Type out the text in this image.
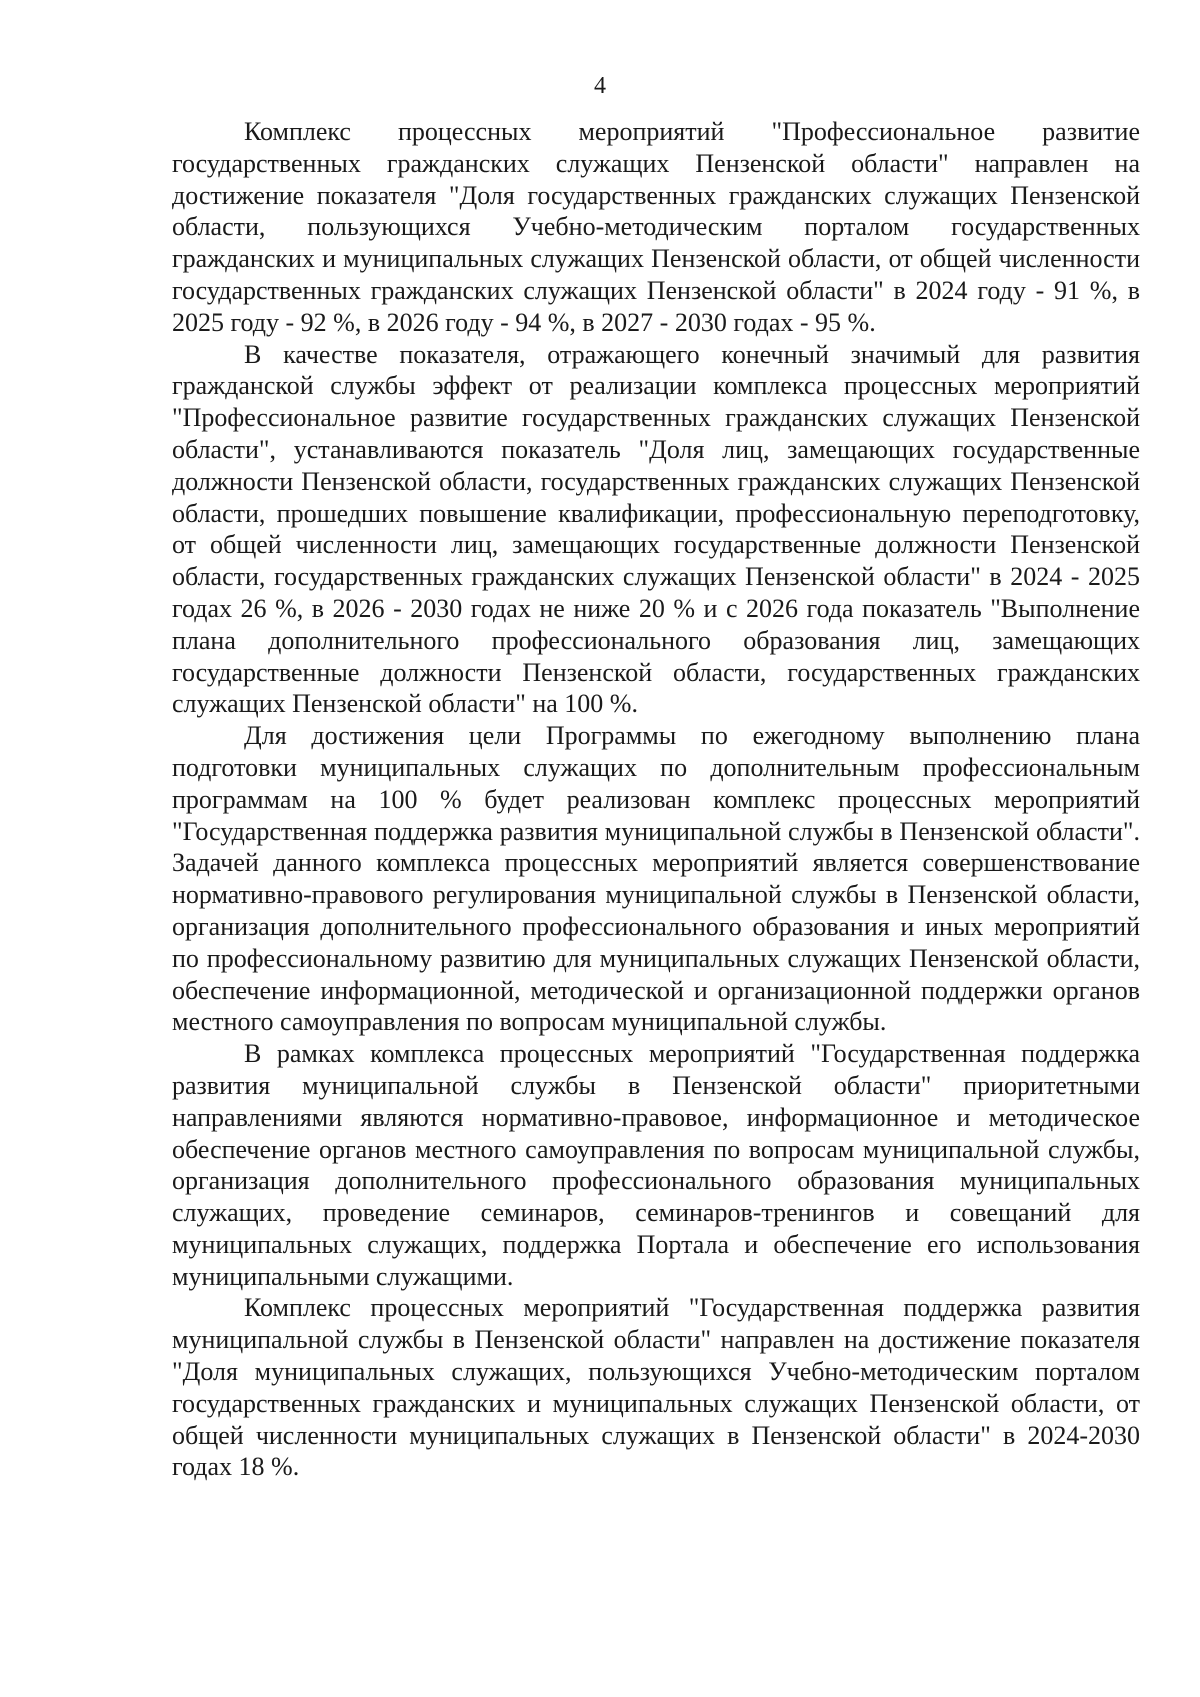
4

Комплекс процессных мероприятий "Профессиональное развитие государственных гражданских служащих Пензенской области" направлен на достижение показателя "Доля государственных гражданских служащих Пензенской области, пользующихся Учебно-методическим порталом государственных гражданских и муниципальных служащих Пензенской области, от общей численности государственных гражданских служащих Пензенской области" в 2024 году - 91 %, в 2025 году - 92 %, в 2026 году - 94 %, в 2027 - 2030 годах - 95 %.

В качестве показателя, отражающего конечный значимый для развития гражданской службы эффект от реализации комплекса процессных мероприятий "Профессиональное развитие государственных гражданских служащих Пензенской области", устанавливаются показатель "Доля лиц, замещающих государственные должности Пензенской области, государственных гражданских служащих Пензенской области, прошедших повышение квалификации, профессиональную переподготовку, от общей численности лиц, замещающих государственные должности Пензенской области, государственных гражданских служащих Пензенской области" в 2024 - 2025 годах 26 %, в 2026 - 2030 годах не ниже 20 % и с 2026 года показатель "Выполнение плана дополнительного профессионального образования лиц, замещающих государственные должности Пензенской области, государственных гражданских служащих Пензенской области" на 100 %.

Для достижения цели Программы по ежегодному выполнению плана подготовки муниципальных служащих по дополнительным профессиональным программам на 100 % будет реализован комплекс процессных мероприятий "Государственная поддержка развития муниципальной службы в Пензенской области". Задачей данного комплекса процессных мероприятий является совершенствование нормативно-правового регулирования муниципальной службы в Пензенской области, организация дополнительного профессионального образования и иных мероприятий по профессиональному развитию для муниципальных служащих Пензенской области, обеспечение информационной, методической и организационной поддержки органов местного самоуправления по вопросам муниципальной службы.

В рамках комплекса процессных мероприятий "Государственная поддержка развития муниципальной службы в Пензенской области" приоритетными направлениями являются нормативно-правовое, информационное и методическое обеспечение органов местного самоуправления по вопросам муниципальной службы, организация дополнительного профессионального образования муниципальных служащих, проведение семинаров, семинаров-тренингов и совещаний для муниципальных служащих, поддержка Портала и обеспечение его использования муниципальными служащими.

Комплекс процессных мероприятий "Государственная поддержка развития муниципальной службы в Пензенской области" направлен на достижение показателя "Доля муниципальных служащих, пользующихся Учебно-методическим порталом государственных гражданских и муниципальных служащих Пензенской области, от общей численности муниципальных служащих в Пензенской области" в 2024-2030 годах 18 %.
